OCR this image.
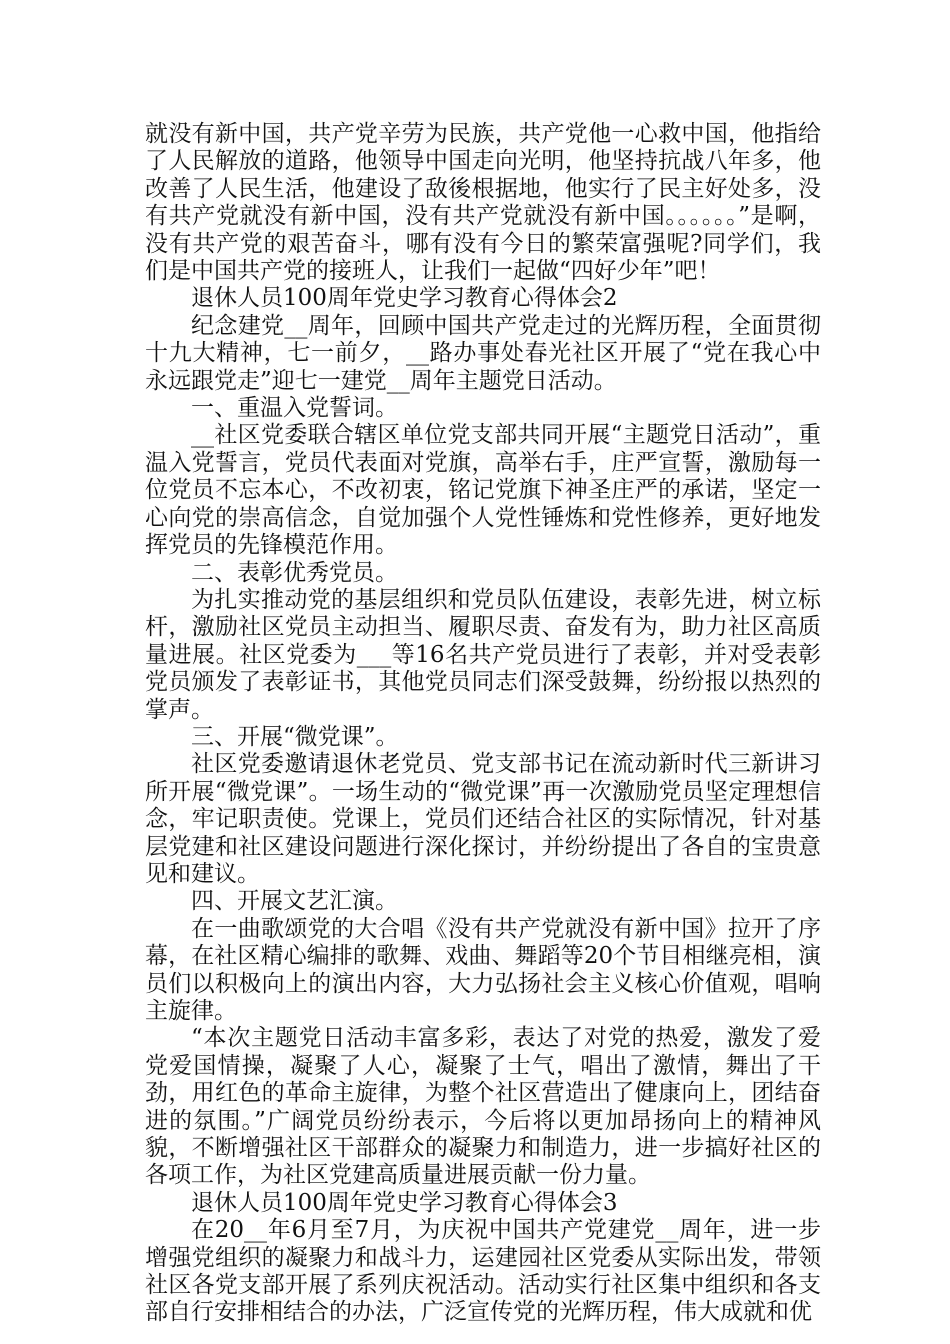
就没有新中国，共产党辛劳为民族，共产党他一心救中国，他指给了人民解放的道路，他领导中国走向光明，他坚持抗战八年多，他改善了人民生活，他建设了敌後根据地，他实行了民主好处多，没有共产党就没有新中国，没有共产党就没有新中国。。。。。。”是啊，没有共产党的艰苦奋斗，哪有没有今日的繁荣富强呢?同学们，我们是中国共产党的接班人，让我们一起做“四好少年”吧！

退休人员100周年党史学习教育心得体会2

纪念建党__周年，回顾中国共产党走过的光辉历程，全面贯彻十九大精神，七一前夕，__路办事处春光社区开展了“党在我心中永远跟党走”迎七一建党__周年主题党日活动。

一、重温入党誓词。

__社区党委联合辖区单位党支部共同开展“主题党日活动”，重温入党誓言，党员代表面对党旗，高举右手，庄严宣誓，激励每一位党员不忘本心，不改初衷，铭记党旗下神圣庄严的承诺，坚定一心向党的崇高信念，自觉加强个人党性锤炼和党性修养，更好地发挥党员的先锋模范作用。

二、表彰优秀党员。

为扎实推动党的基层组织和党员队伍建设，表彰先进，树立标杆，激励社区党员主动担当、履职尽责、奋发有为，助力社区高质量进展。社区党委为___等16名共产党员进行了表彰，并对受表彰党员颁发了表彰证书，其他党员同志们深受鼓舞，纷纷报以热烈的掌声。

三、开展“微党课”。

社区党委邀请退休老党员、党支部书记在流动新时代三新讲习所开展“微党课”。一场生动的“微党课”再一次激励党员坚定理想信念，牢记职责使。党课上，党员们还结合社区的实际情况，针对基层党建和社区建设问题进行深化探讨，并纷纷提出了各自的宝贵意见和建议。

四、开展文艺汇演。

在一曲歌颂党的大合唱《没有共产党就没有新中国》拉开了序幕，在社区精心编排的歌舞、戏曲、舞蹈等20个节目相继亮相，演员们以积极向上的演出内容，大力弘扬社会主义核心价值观，唱响主旋律。

“本次主题党日活动丰富多彩，表达了对党的热爱，激发了爱党爱国情操，凝聚了人心，凝聚了士气，唱出了激情，舞出了干劲，用红色的革命主旋律，为整个社区营造出了健康向上，团结奋进的氛围。”广阔党员纷纷表示，今后将以更加昂扬向上的精神风貌，不断增强社区干部群众的凝聚力和制造力，进一步搞好社区的各项工作，为社区党建高质量进展贡献一份力量。

退休人员100周年党史学习教育心得体会3

在20__年6月至7月，为庆祝中国共产党建党__周年，进一步增强党组织的凝聚力和战斗力，运建园社区党委从实际出发，带领社区各党支部开展了系列庆祝活动。活动实行社区集中组织和各支部自行安排相结合的办法，广泛宣传党的光辉历程，伟大成就和优
